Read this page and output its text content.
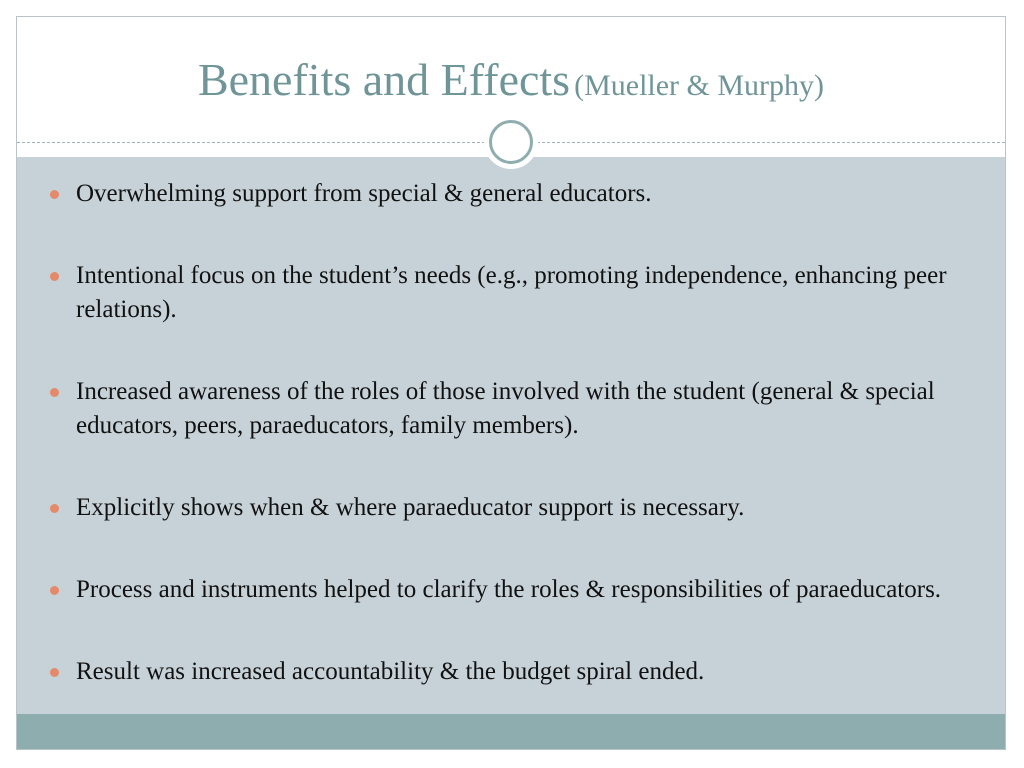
Benefits and Effects (Mueller & Murphy)
Overwhelming support from special & general educators.
Intentional focus on the student’s needs (e.g., promoting independence, enhancing peer relations).
Increased awareness of the roles of those involved with the student (general & special educators, peers, paraeducators, family members).
Explicitly shows when & where paraeducator support is necessary.
Process and instruments helped to clarify the roles & responsibilities of paraeducators.
Result was increased accountability & the budget spiral ended.
